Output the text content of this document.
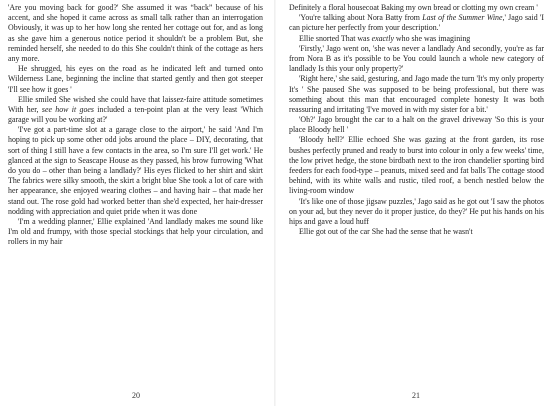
'Are you moving back for good?' She assumed it was “back” because of his accent, and she hoped it came across as small talk rather than an interrogation Obviously, it was up to her how long she rented her cottage out for, and as long as she gave him a generous notice period it shouldn't be a problem But, she reminded herself, she needed to do this She couldn't think of the cottage as hers any more.

He shrugged, his eyes on the road as he indicated left and turned onto Wilderness Lane, beginning the incline that started gently and then got steeper 'I'll see how it goes '

Ellie smiled She wished she could have that laissez-faire attitude sometimes With her, see how it goes included a ten-point plan at the very least 'Which garage will you be working at?'

'I've got a part-time slot at a garage close to the airport,' he said 'And I'm hoping to pick up some other odd jobs around the place – DIY, decorating, that sort of thing I still have a few contacts in the area, so I'm sure I'll get work.' He glanced at the sign to Seascape House as they passed, his brow furrowing 'What do you do – other than being a landlady?' His eyes flicked to her shirt and skirt The fabrics were silky smooth, the skirt a bright blue She took a lot of care with her appearance, she enjoyed wearing clothes – and having hair – that made her stand out. The rose gold had worked better than she'd expected, her hair-dresser nodding with appreciation and quiet pride when it was done

'I'm a wedding planner,' Ellie explained 'And landlady makes me sound like I'm old and frumpy, with those special stockings that help your circulation, and rollers in my hair

Definitely a floral housecoat Baking my own bread or clotting my own cream '

'You're talking about Nora Batty from Last of the Summer Wine,' Jago said 'I can picture her perfectly from your description.'

Ellie snorted That was exactly who she was imagining

'Firstly,' Jago went on, 'she was never a landlady And secondly, you're as far from Nora B as it's possible to be You could launch a whole new category of landlady Is this your only property?'

'Right here,' she said, gesturing, and Jago made the turn 'It's my only property It's ' She paused She was supposed to be being professional, but there was something about this man that encouraged complete honesty It was both reassuring and irritating 'I've moved in with my sister for a bit.'

'Oh?' Jago brought the car to a halt on the gravel driveway 'So this is your place Bloody hell '

'Bloody hell?' Ellie echoed She was gazing at the front garden, its rose bushes perfectly pruned and ready to burst into colour in only a few weeks' time, the low privet hedge, the stone birdbath next to the iron chandelier sporting bird feeders for each food-type – peanuts, mixed seed and fat balls The cottage stood behind, with its white walls and rustic, tiled roof, a bench nestled below the living-room window

'It's like one of those jigsaw puzzles,' Jago said as he got out 'I saw the photos on your ad, but they never do it proper justice, do they?' He put his hands on his hips and gave a loud huff

Ellie got out of the car She had the sense that he wasn't

20	21
